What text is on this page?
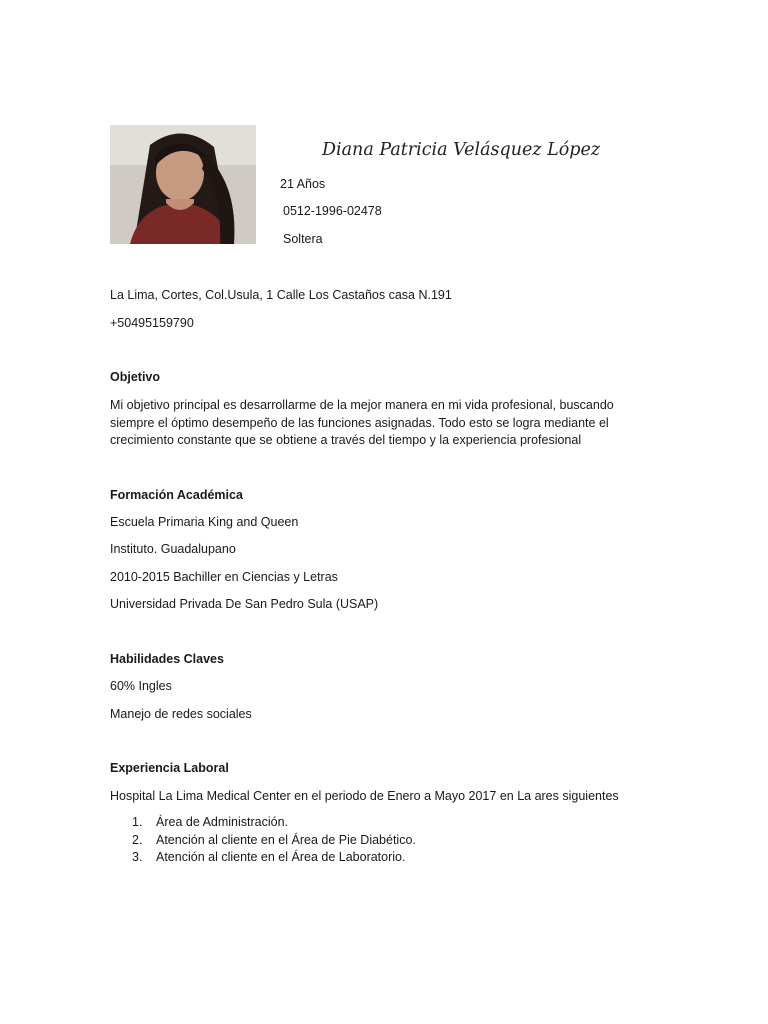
Diana Patricia Velásquez López
21 Años
0512-1996-02478
Soltera
La Lima, Cortes, Col.Usula, 1 Calle Los Castaños casa N.191
+50495159790
Objetivo
Mi objetivo principal es desarrollarme de la mejor manera en mi vida profesional, buscando siempre el óptimo desempeño de las funciones asignadas. Todo esto se logra mediante el crecimiento constante que se obtiene a través del tiempo y la experiencia profesional
Formación Académica
Escuela Primaria King and Queen
Instituto. Guadalupano
2010-2015 Bachiller en Ciencias y Letras
Universidad Privada De San Pedro Sula (USAP)
Habilidades Claves
60% Ingles
Manejo de redes sociales
Experiencia Laboral
Hospital La Lima Medical Center en el periodo de Enero a Mayo 2017 en La ares siguientes
1.	Área de Administración.
2.	Atención al cliente en el Área de Pie Diabético.
3.	Atención al cliente en el Área de Laboratorio.
